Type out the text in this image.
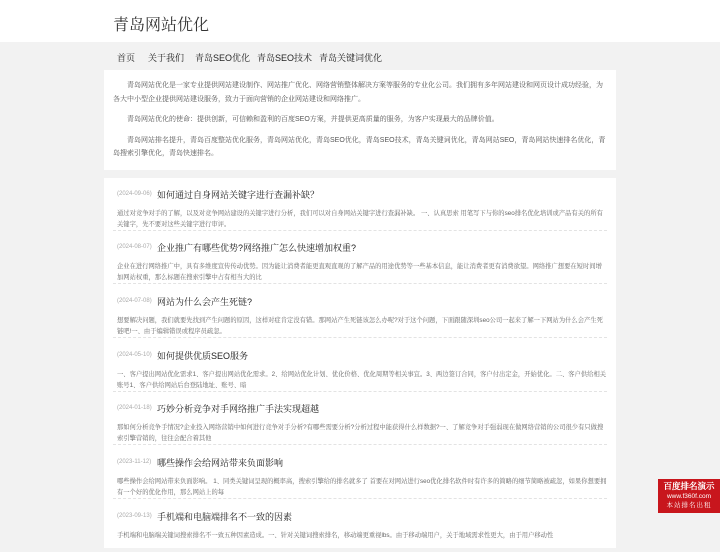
青岛网站优化
首页 关于我们 青岛SEO优化 青岛SEO技术 青岛关键词优化

青岛网站优化是一家专业提供网站建设制作、网站推广优化、网络营销整体解决方案等服务的专业化公司。我们拥有多年网站建设和网页设计成功经验，为各大中小型企业提供网站建设服务，致力于面向营销的企业网站建设和网络推广。

青岛网站优化的使命：提供创新，可信赖和盈利的百度SEO方案，并提供更高质量的服务，为客户实现最大的品牌价值。

青岛网站排名提升，青岛百度整站优化服务，青岛网站优化，青岛SEO优化，青岛SEO技术，青岛关键词优化，青岛网站SEO，青岛网站快速排名优化，青岛搜索引擎优化，青岛快速排名。

(2024-09-06) 如何通过自身网站关键字进行查漏补缺？
通过对竞争对手的了解，以及对竞争网站建设的关键字进行分析，我们可以对自身网站关键字进行查漏补缺。 一、认真思索 用笔写下与你的seo排名优化培训或产品有关的所有关键字，先不要对这些关键字进行审评。
(2024-08-07) 企业推广有哪些优势?网络推广怎么快速增加权重?
企业在进行网络推广中，具有多维度宣传传动优势。因为能让消费者能更直观直观的了解产品的用途优势等一些基本信息，能让消费者更有消费欲望。网络推广想要在短时间增加网站权重，那么标题在搜索引擎中占有相当大的比
(2024-07-08) 网站为什么会产生死链?
想要解决问题，我们就要先找到产生问题的原因，这样对症肯定没有错。那网站产生死链该怎么办呢?对于这个问题，下面跟随深圳seo公司一起来了解一下网站为什么会产生死链吧!一、由于编辑错误或程序员疏忽。
(2024-05-10) 如何提供优质SEO服务
一、客户提出网站优化需求1、客户提出网站优化需求。2、给网站优化计划、优化价格、优化周期等相关事宜。3、两边签订合同，客户付出定金，开始优化。二、客户供给相关账号1、客户供给网站后台登陆地址、账号、暗
(2024-01-18) 巧妙分析竞争对手网络推广手法实现超越
那如何分析竞争手情况?企业投入网络营销中如何进行竞争对手分析?有哪些需要分析?分析过程中能获得什么样数据?一、了解竞争对手强弱现在做网络营销的公司很少有只做搜索引擎营销的，往往会配合着其他
(2023-11-12) 哪些操作会给网站带来负面影响
哪些操作会给网站带来负面影响。 1、同类关键词呈现的概率高，搜索引擎给的排名就多了 首要在对网站进行seo优化排名软件时有许多的简略的细节简略被疏忽，如果你想要拥有一个好的优化作用，那么网站上的每
(2023-09-13) 手机端和电脑端排名不一致的因素
手机端和电脑端关键词搜索排名不一致五种因素造成。一、针对关键词搜索排名，移动端更重视lbs。由于移动端用户，关于地域需求性更大，由于用户移动性
百度排名演示
www.f360f.com
本站排名出租
